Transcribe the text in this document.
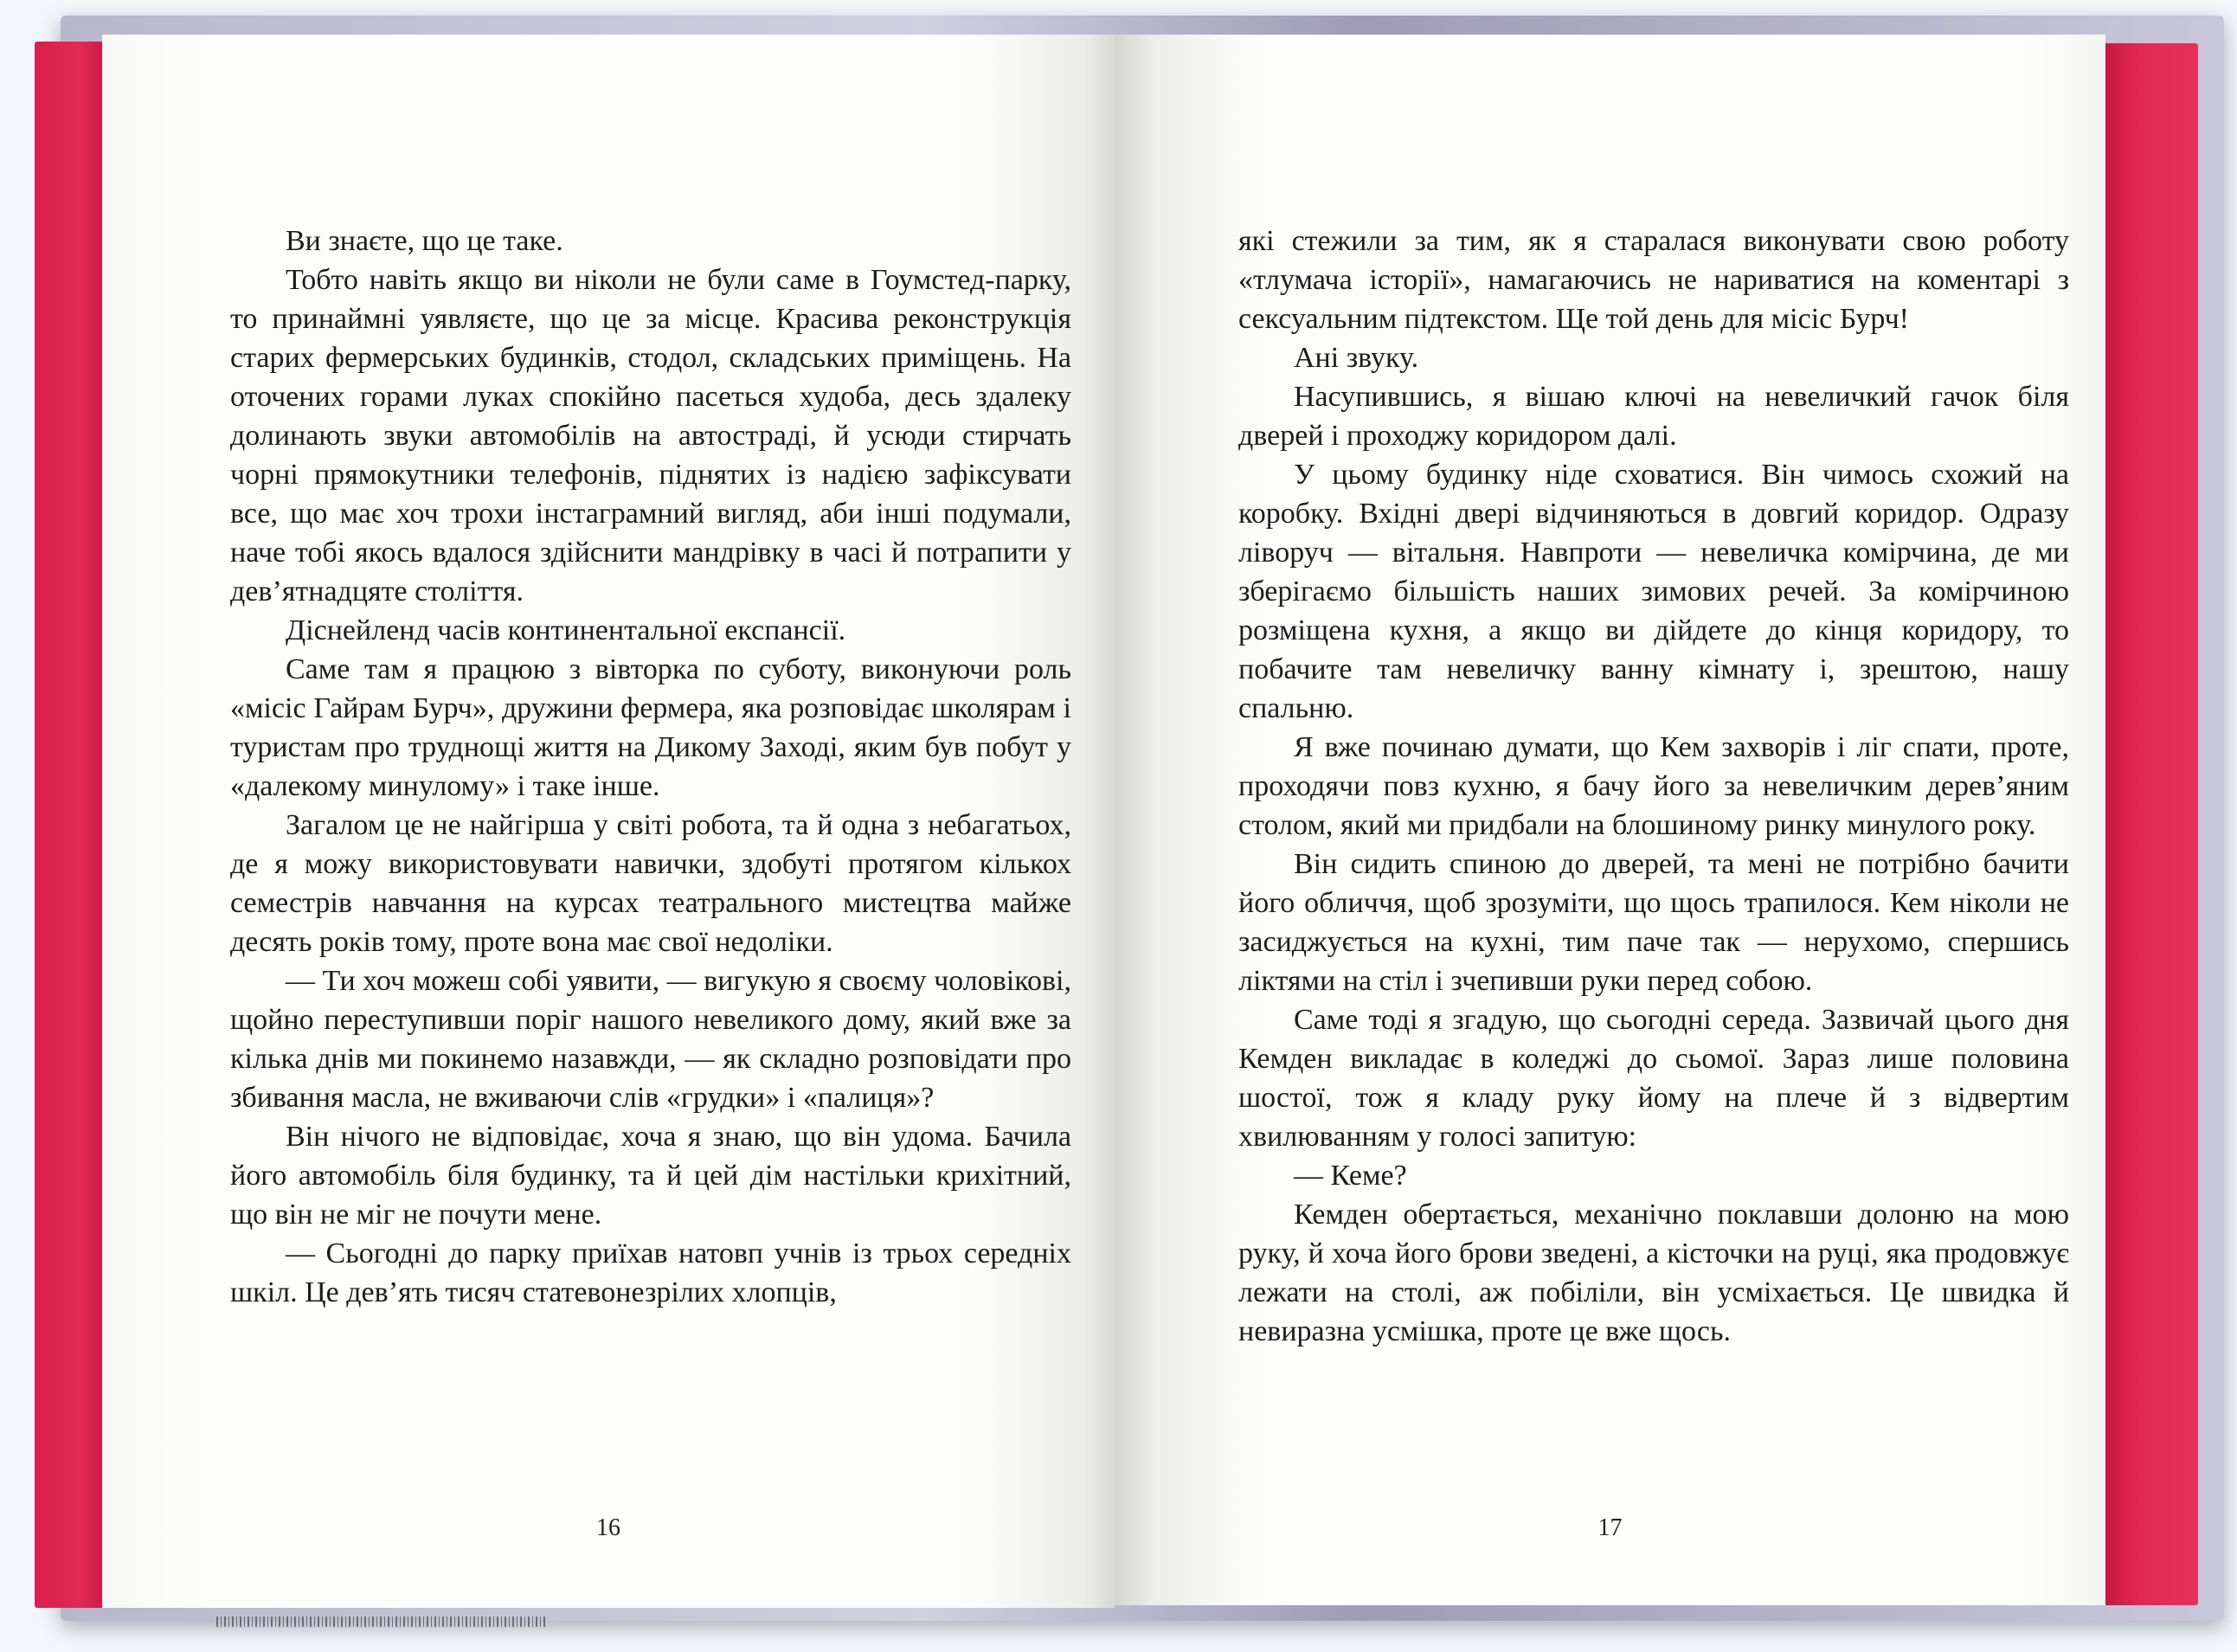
Ви знаєте, що це таке.

Тобто навіть якщо ви ніколи не були саме в Гоумстед-парку, то принаймні уявляєте, що це за місце. Красива реконструкція старих фермерських будинків, стодол, складських приміщень. На оточених горами луках спокійно пасеться худоба, десь здалеку долинають звуки автомобілів на автостраді, й усюди стирчать чорні прямокутники телефонів, піднятих із надією зафіксувати все, що має хоч трохи інстаграмний вигляд, аби інші подумали, наче тобі якось вдалося здійснити мандрівку в часі й потрапити у дев’ятнадцяте століття.

Діснейленд часів континентальної експансії.

Саме там я працюю з вівторка по суботу, виконуючи роль «місіс Гайрам Бурч», дружини фермера, яка розповідає школярам і туристам про труднощі життя на Дикому Заході, яким був побут у «далекому минулому» і таке інше.

Загалом це не найгірша у світі робота, та й одна з небагатьох, де я можу використовувати навички, здобуті протягом кількох семестрів навчання на курсах театрального мистецтва майже десять років тому, проте вона має свої недоліки.

— Ти хоч можеш собі уявити, — вигукую я своєму чоловікові, щойно переступивши поріг нашого невеликого дому, який вже за кілька днів ми покинемо назавжди, — як складно розповідати про збивання масла, не вживаючи слів «грудки» і «палиця»?

Він нічого не відповідає, хоча я знаю, що він удома. Бачила його автомобіль біля будинку, та й цей дім настільки крихітний, що він не міг не почути мене.

— Сьогодні до парку приїхав натовп учнів із трьох середніх шкіл. Це дев’ять тисяч статевонезрілих хлопців,

16

які стежили за тим, як я старалася виконувати свою роботу «тлумача історії», намагаючись не нариватися на коментарі з сексуальним підтекстом. Ще той день для місіс Бурч!

Ані звуку.

Насупившись, я вішаю ключі на невеличкий гачок біля дверей і проходжу коридором далі.

У цьому будинку ніде сховатися. Він чимось схожий на коробку. Вхідні двері відчиняються в довгий коридор. Одразу ліворуч — вітальня. Навпроти — невеличка комірчина, де ми зберігаємо більшість наших зимових речей. За комірчиною розміщена кухня, а якщо ви дійдете до кінця коридору, то побачите там невеличку ванну кімнату і, зрештою, нашу спальню.

Я вже починаю думати, що Кем захворів і ліг спати, проте, проходячи повз кухню, я бачу його за невеличким дерев’яним столом, який ми придбали на блошиному ринку минулого року.

Він сидить спиною до дверей, та мені не потрібно бачити його обличчя, щоб зрозуміти, що щось трапилося. Кем ніколи не засиджується на кухні, тим паче так — нерухомо, спершись ліктями на стіл і зчепивши руки перед собою.

Саме тоді я згадую, що сьогодні середа. Зазвичай цього дня Кемден викладає в коледжі до сьомої. Зараз лише половина шостої, тож я кладу руку йому на плече й з відвертим хвилюванням у голосі запитую:

— Кеме?

Кемден обертається, механічно поклавши долоню на мою руку, й хоча його брови зведені, а кісточки на руці, яка продовжує лежати на столі, аж побіліли, він усміхається. Це швидка й невиразна усмішка, проте це вже щось.

17
